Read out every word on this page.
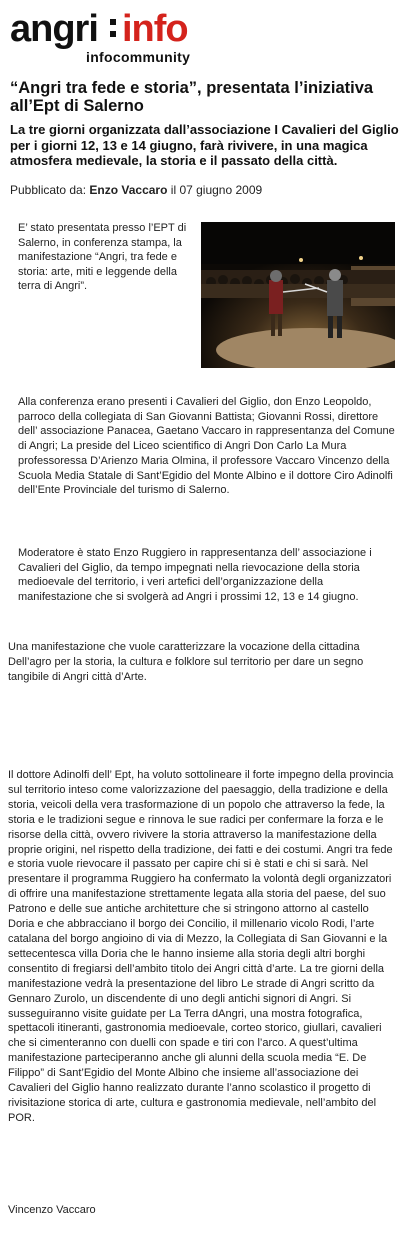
angri info
infocommunity
“Angri tra fede e storia”, presentata l’iniziativa all’Ept di Salerno

La tre giorni organizzata dall’associazione I Cavalieri del Giglio per i giorni 12, 13 e 14 giugno, farà rivivere, in una magica atmosfera medievale, la storia e il passato della città.

Pubblicato da: Enzo Vaccaro il 07 giugno 2009

E’ stato presentata presso l’EPT di Salerno, in conferenza stampa, la manifestazione “Angri, tra fede e storia: arte, miti e leggende della terra di Angri”.

Alla conferenza erano presenti i Cavalieri del Giglio, don Enzo Leopoldo, parroco della collegiata di San Giovanni Battista; Giovanni Rossi, direttore dell’ associazione Panacea, Gaetano Vaccaro in rappresentanza del Comune di Angri; La preside del Liceo scientifico di Angri Don Carlo La Mura professoressa D’Arienzo Maria Olmina, il professore Vaccaro Vincenzo della Scuola Media Statale di Sant’Egidio del Monte Albino e il dottore Ciro Adinolfi dell’Ente Provinciale del turismo di Salerno.

Moderatore è stato Enzo Ruggiero in rappresentanza dell’ associazione i Cavalieri del Giglio, da tempo impegnati nella rievocazione della storia medioevale del territorio, i veri artefici dell’organizzazione della manifestazione che si svolgerà ad Angri i prossimi 12, 13 e 14 giugno.

Una manifestazione che vuole caratterizzare la vocazione della cittadina Dell’agro per la storia, la cultura e folklore sul territorio per dare un segno tangibile di Angri città d’Arte.

Il dottore Adinolfi dell’ Ept, ha voluto sottolineare il forte impegno della provincia sul territorio inteso come valorizzazione del paesaggio, della tradizione e della storia, veicoli della vera trasformazione di un popolo che attraverso la fede, la storia e le tradizioni segue e rinnova le sue radici per confermare la forza e le risorse della città, ovvero rivivere la storia attraverso la manifestazione della proprie origini, nel rispetto della tradizione, dei fatti e dei costumi. Angri tra fede e storia vuole rievocare il passato per capire chi si è stati e chi si sarà. Nel presentare il programma Ruggiero ha confermato la volontà degli organizzatori di offrire una manifestazione strettamente legata alla storia del paese, del suo Patrono e delle sue antiche architetture che si stringono attorno al castello Doria e che abbracciano il borgo dei Concilio, il millenario vicolo Rodi, l’arte catalana del borgo angioino di via di Mezzo, la Collegiata di San Giovanni e la settecentesca villa Doria che le hanno insieme alla storia degli altri borghi consentito di fregiarsi dell’ambito titolo dei Angri città d’arte. La tre giorni della manifestazione vedrà la presentazione del libro Le strade di Angri scritto da Gennaro Zurolo, un discendente di uno degli antichi signori di Angri. Si susseguiranno visite guidate per La Terra dAngri, una mostra fotografica, spettacoli itineranti, gastronomia medioevale, corteo storico, giullari, cavalieri che si cimenteranno con duelli con spade e tiri con l’arco. A quest’ultima manifestazione parteciperanno anche gli alunni della scuola media “E. De Filippo” di Sant’Egidio del Monte Albino che insieme all’associazione dei Cavalieri del Giglio hanno realizzato durante l’anno scolastico il progetto di rivisitazione storica di arte, cultura e gastronomia medievale, nell’ambito del POR.

Vincenzo Vaccaro
